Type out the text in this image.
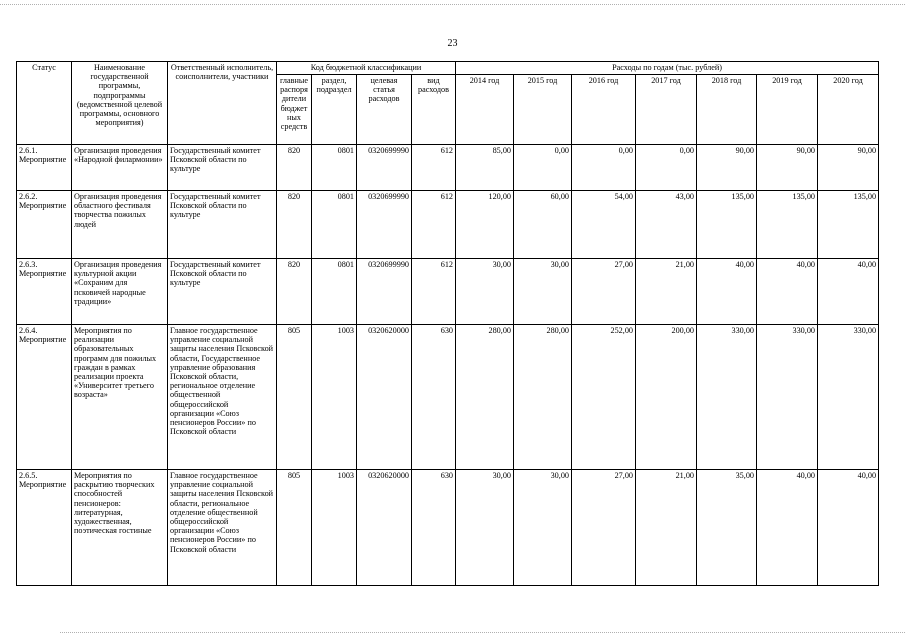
23
Статус	Наименование государственной программы, подпрограммы (ведомственной целевой программы, основного мероприятия)	Ответственный исполнитель, соисполнители, участники	Код бюджетной классификации				Расходы по годам (тыс. рублей)						
			главные распоря дители бюджет ных средств	раздел, подраздел	целевая статья расходов	вид расходов	2014 год	2015 год	2016 год	2017 год	2018 год	2019 год	2020 год
2.6.1. Мероприятие	Организация проведения «Народной филармонии»	Государственный комитет Псковской области по культуре	820	0801	0320699990	612	85,00	0,00	0,00	0,00	90,00	90,00	90,00
2.6.2. Мероприятие	Организация проведения областного фестиваля творчества пожилых людей	Государственный комитет Псковской области по культуре	820	0801	0320699990	612	120,00	60,00	54,00	43,00	135,00	135,00	135,00
2.6.3. Мероприятие	Организация проведения культурной акции «Сохраним для псковичей народные традиции»	Государственный комитет Псковской области по культуре	820	0801	0320699990	612	30,00	30,00	27,00	21,00	40,00	40,00	40,00
2.6.4. Мероприятие	Мероприятия по реализации образовательных программ для пожилых граждан в рамках реализации проекта «Университет третьего возраста»	Главное государственное управление социальной защиты населения Псковской области, Государственное управление образования Псковской области, региональное отделение общественной общероссийской организации «Союз пенсионеров России» по Псковской области	805	1003	0320620000	630	280,00	280,00	252,00	200,00	330,00	330,00	330,00
2.6.5. Мероприятие	Мероприятия по раскрытию творческих способностей пенсионеров: литературная, художественная, поэтическая гостиные	Главное государственное управление социальной защиты населения Псковской области, региональное отделение общественной общероссийской организации «Союз пенсионеров России» по Псковской области	805	1003	0320620000	630	30,00	30,00	27,00	21,00	35,00	40,00	40,00
